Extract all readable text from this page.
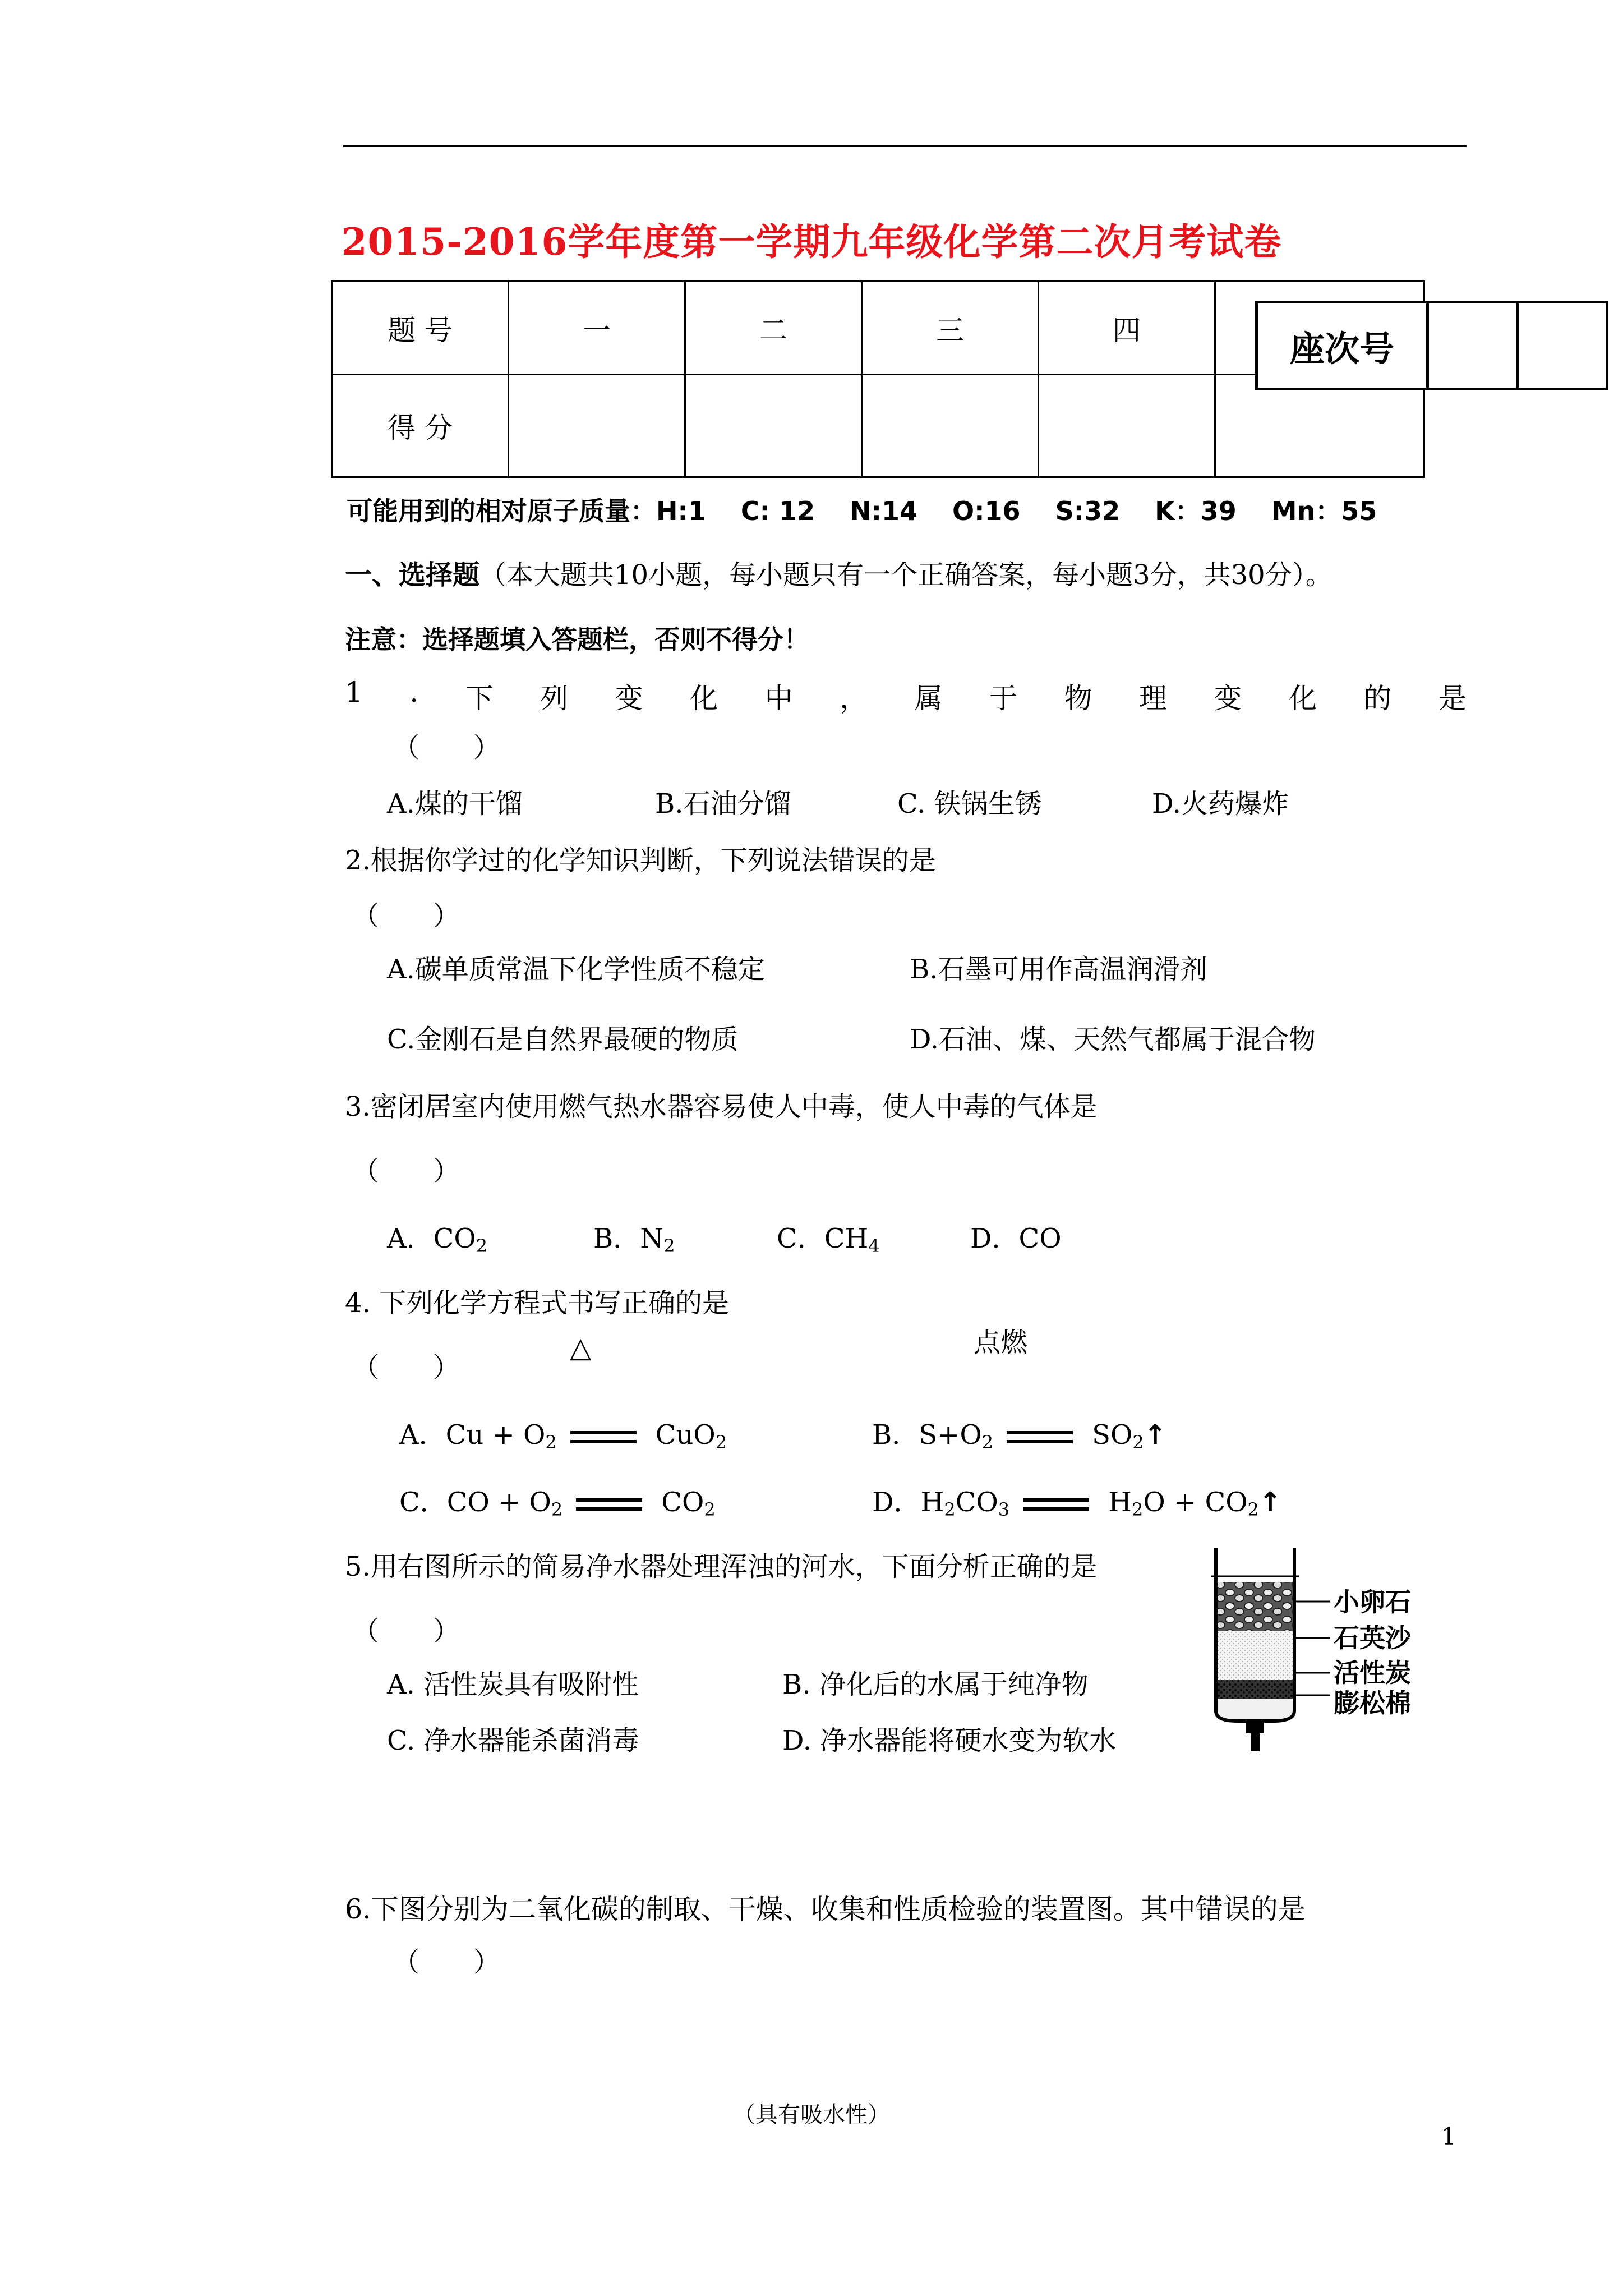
2015-2016学年度第一学期九年级化学第二次月考试卷
题 号	一	二	三	四	
得 分					
座次号		
可能用到的相对原子质量：H:1　 C: 12　 N:14　 O:16　 S:32　 K：39　 Mn：55
一、选择题（本大题共10小题，每小题只有一个正确答案，每小题3分，共30分）。
注意：选择题填入答题栏，否则不得分！
1 . 下 列 变 化 中 ， 属 于 物 理 变 化 的 是
（　　）
A.煤的干馏	B.石油分馏	C. 铁锅生锈	D.火药爆炸
2.根据你学过的化学知识判断，下列说法错误的是
（　　）
A.碳单质常温下化学性质不稳定	B.石墨可用作高温润滑剂
C.金刚石是自然界最硬的物质	D.石油、煤、天然气都属于混合物
3.密闭居室内使用燃气热水器容易使人中毒，使人中毒的气体是
（　　）
A．$CO_2$	B．$N_2$	C．$CH_4$	D．CO
4. 下列化学方程式书写正确的是
△	点燃
（　　）
A．$Cu + O_2$	CuO$_2$	B．$S+O_2$	$SO_2↑$
C．CO + $O_2$	$CO_2$	D．$H_2CO_3$	$H_2O$ + $CO_2↑$
5.用右图所示的简易净水器处理浑浊的河水，下面分析正确的是
（　　）
A. 活性炭具有吸附性	B. 净化后的水属于纯净物
C. 净水器能杀菌消毒	D. 净水器能将硬水变为软水
小卵石
石英沙
活性炭
膨松棉
6.下图分别为二氧化碳的制取、干燥、收集和性质检验的装置图。其中错误的是
（　　）
（具有吸水性）
1
